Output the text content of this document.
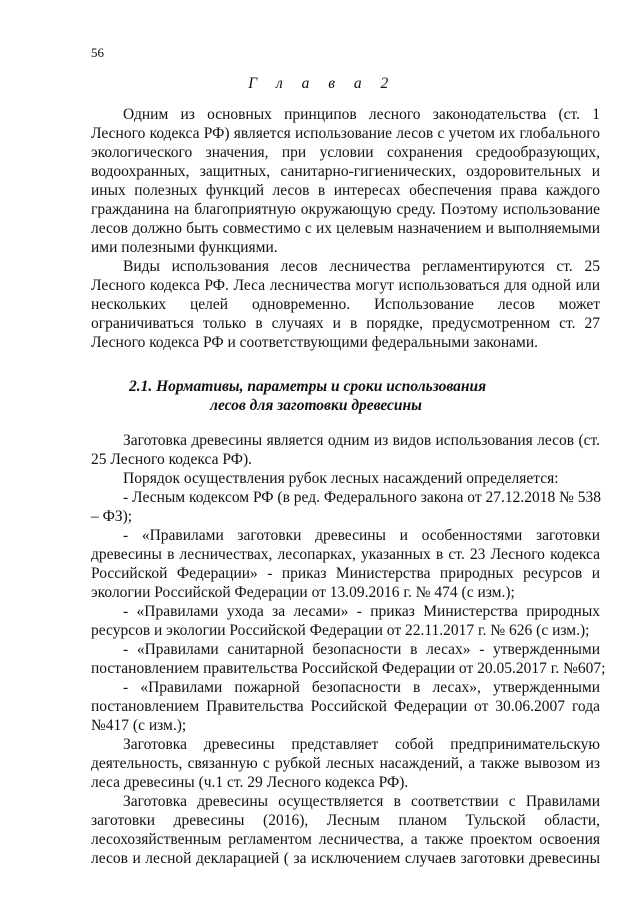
56
Г л а в а 2
Одним из основных принципов лесного законодательства (ст. 1
Лесного кодекса РФ) является использование лесов с учетом их глобального
экологического значения, при условии сохранения средообразующих,
водоохранных, защитных, санитарно-гигиенических, оздоровительных и
иных полезных функций лесов в интересах обеспечения права каждого
гражданина на благоприятную окружающую среду. Поэтому использование
лесов должно быть совместимо с их целевым назначением и выполняемыми
ими полезными функциями.
Виды использования лесов лесничества регламентируются ст. 25
Лесного кодекса РФ. Леса лесничества могут использоваться для одной или
нескольких целей одновременно. Использование лесов может
ограничиваться только в случаях и в порядке, предусмотренном ст. 27
Лесного кодекса РФ и соответствующими федеральными законами.
2.1. Нормативы, параметры и сроки использования
лесов для заготовки древесины
Заготовка древесины является одним из видов использования лесов (ст.
25 Лесного кодекса РФ).
Порядок осуществления рубок лесных насаждений определяется:
- Лесным кодексом РФ (в ред. Федерального закона от 27.12.2018 № 538
– ФЗ);
- «Правилами заготовки древесины и особенностями заготовки
древесины в лесничествах, лесопарках, указанных в ст. 23 Лесного кодекса
Российской Федерации» - приказ Министерства природных ресурсов и
экологии Российской Федерации от 13.09.2016 г. № 474 (с изм.);
- «Правилами ухода за лесами» - приказ Министерства природных
ресурсов и экологии Российской Федерации от 22.11.2017 г. № 626 (с изм.);
- «Правилами санитарной безопасности в лесах» - утвержденными
постановлением правительства Российской Федерации от 20.05.2017 г. №607;
- «Правилами пожарной безопасности в лесах», утвержденными
постановлением Правительства Российской Федерации от 30.06.2007 года
№417 (с изм.);
Заготовка древесины представляет собой предпринимательскую
деятельность, связанную с рубкой лесных насаждений, а также вывозом из
леса древесины (ч.1 ст. 29 Лесного кодекса РФ).
Заготовка древесины осуществляется в соответствии с Правилами
заготовки древесины (2016), Лесным планом Тульской области,
лесохозяйственным регламентом лесничества, а также проектом освоения
лесов и лесной декларацией ( за исключением случаев заготовки древесины
